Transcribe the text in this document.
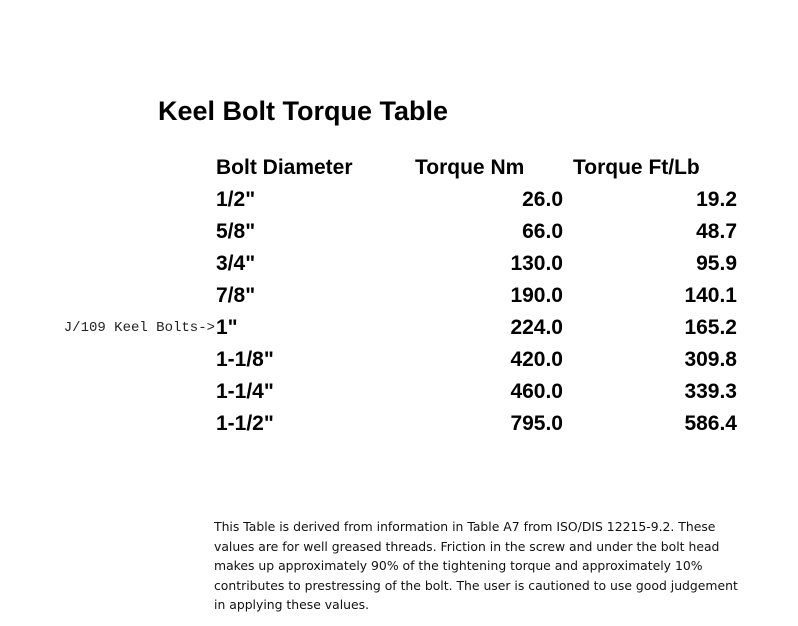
Keel Bolt Torque Table
Bolt Diameter	Torque Nm	Torque Ft/Lb
1/2"	26.0	19.2
5/8"	66.0	48.7
3/4"	130.0	95.9
7/8"	190.0	140.1
1"	224.0	165.2
1-1/8"	420.0	309.8
1-1/4"	460.0	339.3
1-1/2"	795.0	586.4
J/109 Keel Bolts->
This Table is derived from information in Table A7 from ISO/DIS 12215-9.2. These values are for well greased threads. Friction in the screw and under the bolt head makes up approximately 90% of the tightening torque and approximately 10% contributes to prestressing of the bolt. The user is cautioned to use good judgement in applying these values.
